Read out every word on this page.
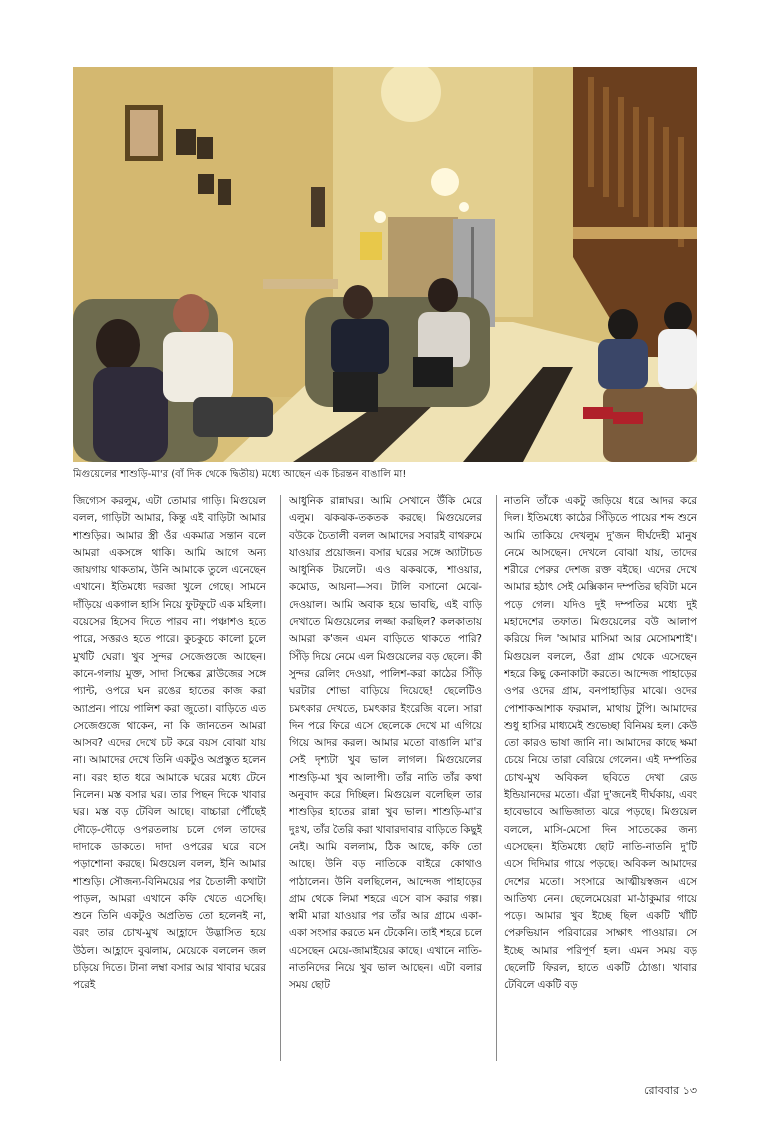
মিগুয়েলের শাশুড়ি-মা'র (বাঁ দিক থেকে দ্বিতীয়) মধ্যে আছেন এক চিরন্তন বাঙালি মা!

জিগ্যেস করলুম, এটা তোমার গাড়ি। মিগুয়েল বলল, গাড়িটা আমার, কিন্তু এই বাড়িটা আমার শাশুড়ির। আমার স্ত্রী ওঁর একমাত্র সন্তান বলে আমরা একসঙ্গে থাকি। আমি আগে অন্য জায়গায় থাকতাম, উনি আমাকে তুলে এনেছেন এখানে। ইতিমধ্যে দরজা খুলে গেছে। সামনে দাঁড়িয়ে একগাল হাসি নিয়ে ফুটফুটে এক মহিলা। বয়েসের হিসেব দিতে পারব না। পঞ্চাশও হতে পারে, সত্তরও হতে পারে। কুচকুচে কালো চুলে মুখটি ঘেরা। খুব সুন্দর সেজেগুজে আছেন। কানে-গলায় মুক্ত, সাদা সিল্কের ব্লাউজের সঙ্গে প্যান্ট, ওপরে ঘন রঙের হাতের কাজ করা অ্যাপ্রন। পায়ে পালিশ করা জুতো। বাড়িতে এত সেজেগুজে থাকেন, না কি জানতেন আমরা আসব? এদের দেখে চট করে বয়স বোঝা যায় না। আমাদের দেখে তিনি একটুও অপ্রস্তুত হলেন না। বরং হাত ধরে আমাকে ঘরের মধ্যে টেনে নিলেন। মস্ত বসার ঘর। তার পিছন দিকে খাবার ঘর। মস্ত বড় টেবিল আছে। বাচ্চারা পৌঁছেই দৌড়ে-দৌড়ে ওপরতলায় চলে গেল তাদের দাদাকে ডাকতে। দাদা ওপরের ঘরে বসে পড়াশোনা করছে। মিগুয়েল বলল, ইনি আমার শাশুড়ি। সৌজন্য-বিনিময়ের পর চৈতালী কথাটা পাড়ল, আমরা এখানে কফি খেতে এসেছি। শুনে তিনি একটুও অপ্রতিভ তো হলেনই না, বরং তার চোখ-মুখ আহ্লাদে উদ্ভাসিত হয়ে উঠল। আহ্লাদে বুঝলাম, মেয়েকে বললেন জল চড়িয়ে দিতে। টানা লম্বা বসার আর খাবার ঘরের পরেই

আধুনিক রান্নাঘর। আমি সেখানে উঁকি মেরে এলুম। ঝকঝক-তকতক করছে। মিগুয়েলের বউকে চৈতালী বলল আমাদের সবারই বাথরুমে যাওয়ার প্রয়োজন। বসার ঘরের সঙ্গে অ্যাটাচড আধুনিক টয়লেট। এও ঝকঝকে, শাওয়ার, কমোড, আয়না—সব। টালি বসানো মেঝে-দেওয়াল। আমি অবাক হয়ে ভাবছি, এই বাড়ি দেখাতে মিগুয়েলের লজ্জা করছিল? কলকাতায় আমরা ক'জন এমন বাড়িতে থাকতে পারি? সিঁড়ি দিয়ে নেমে এল মিগুয়েলের বড় ছেলে। কী সুন্দর রেলিং দেওয়া, পালিশ-করা কাঠের সিঁড়ি ঘরটার শোভা বাড়িয়ে দিয়েছে! ছেলেটিও চমৎকার দেখতে, চমৎকার ইংরেজি বলে। সারা দিন পরে ফিরে এসে ছেলেকে দেখে মা এগিয়ে গিয়ে আদর করল। আমার মতো বাঙালি মা'র সেই দৃশ্যটা খুব ভাল লাগল। মিগুয়েলের শাশুড়ি-মা খুব আলাপী। তাঁর নাতি তাঁর কথা অনুবাদ করে দিচ্ছিল। মিগুয়েল বলেছিল তার শাশুড়ির হাতের রান্না খুব ভাল। শাশুড়ি-মা'র দুঃখ, তাঁর তৈরি করা খাবারদাবার বাড়িতে কিছুই নেই। আমি বললাম, ঠিক আছে, কফি তো আছে। উনি বড় নাতিকে বাইরে কোথাও পাঠালেন। উনি বলছিলেন, আন্দেজ পাহাড়ের গ্রাম থেকে লিমা শহরে এসে বাস করার গল্প। স্বামী মারা যাওয়ার পর তাঁর আর গ্রামে একা-একা সংসার করতে মন টেকেনি। তাই শহরে চলে এসেছেন মেয়ে-জামাইয়ের কাছে। এখানে নাতি-নাতনিদের নিয়ে খুব ভাল আছেন। এটা বলার সময় ছোট

নাতনি তাঁকে একটু জড়িয়ে ধরে আদর করে দিল। ইতিমধ্যে কাঠের সিঁড়িতে পায়ের শব্দ শুনে আমি তাকিয়ে দেখলুম দু'জন দীর্ঘদেহী মানুষ নেমে আসছেন। দেখলে বোঝা যায়, তাদের শরীরে পেরুর দেশজ রক্ত বইছে। এদের দেখে আমার হঠাৎ সেই মেক্সিকান দম্পতির ছবিটা মনে পড়ে গেল। যদিও দুই দম্পতির মধ্যে দুই মহাদেশের তফাত। মিগুয়েলের বউ আলাপ করিয়ে দিল 'আমার মাসিমা আর মেসোমশাই'। মিগুয়েল বললে, ওঁরা গ্রাম থেকে এসেছেন শহরে কিছু কেনাকাটা করতে। আন্দেজ পাহাড়ের ওপর ওদের গ্রাম, বনপাহাড়ির মাঝে। ওদের পোশাকআশাক ফরমাল, মাথায় টুপি। আমাদের শুধু হাসির মাধ্যমেই শুভেচ্ছা বিনিময় হল। কেউ তো কারও ভাষা জানি না। আমাদের কাছে ক্ষমা চেয়ে নিয়ে তারা বেরিয়ে গেলেন। এই দম্পতির চোখ-মুখ অবিকল ছবিতে দেখা রেড ইন্ডিয়ানদের মতো। এঁরা দু'জনেই দীর্ঘকায়, এবং হাবেভাবে আভিজাত্য ঝরে পড়ছে। মিগুয়েল বললে, মাসি-মেসো দিন সাতেকের জন্য এসেছেন। ইতিমধ্যে ছোট নাতি-নাতনি দু'টি এসে দিদিমার গায়ে পড়ছে। অবিকল আমাদের দেশের মতো। সংসারে আত্মীয়স্বজন এসে আতিথ্য নেন। ছেলেমেয়েরা মা-ঠাকুমার গায়ে পড়ে। আমার খুব ইচ্ছে ছিল একটি খাঁটি পেরুভিয়ান পরিবারের সাক্ষাৎ পাওয়ার। সে ইচ্ছে আমার পরিপূর্ণ হল। এমন সময় বড় ছেলেটি ফিরল, হাতে একটি ঠোঙা। খাবার টেবিলে একটি বড়

রোববার ১৩
